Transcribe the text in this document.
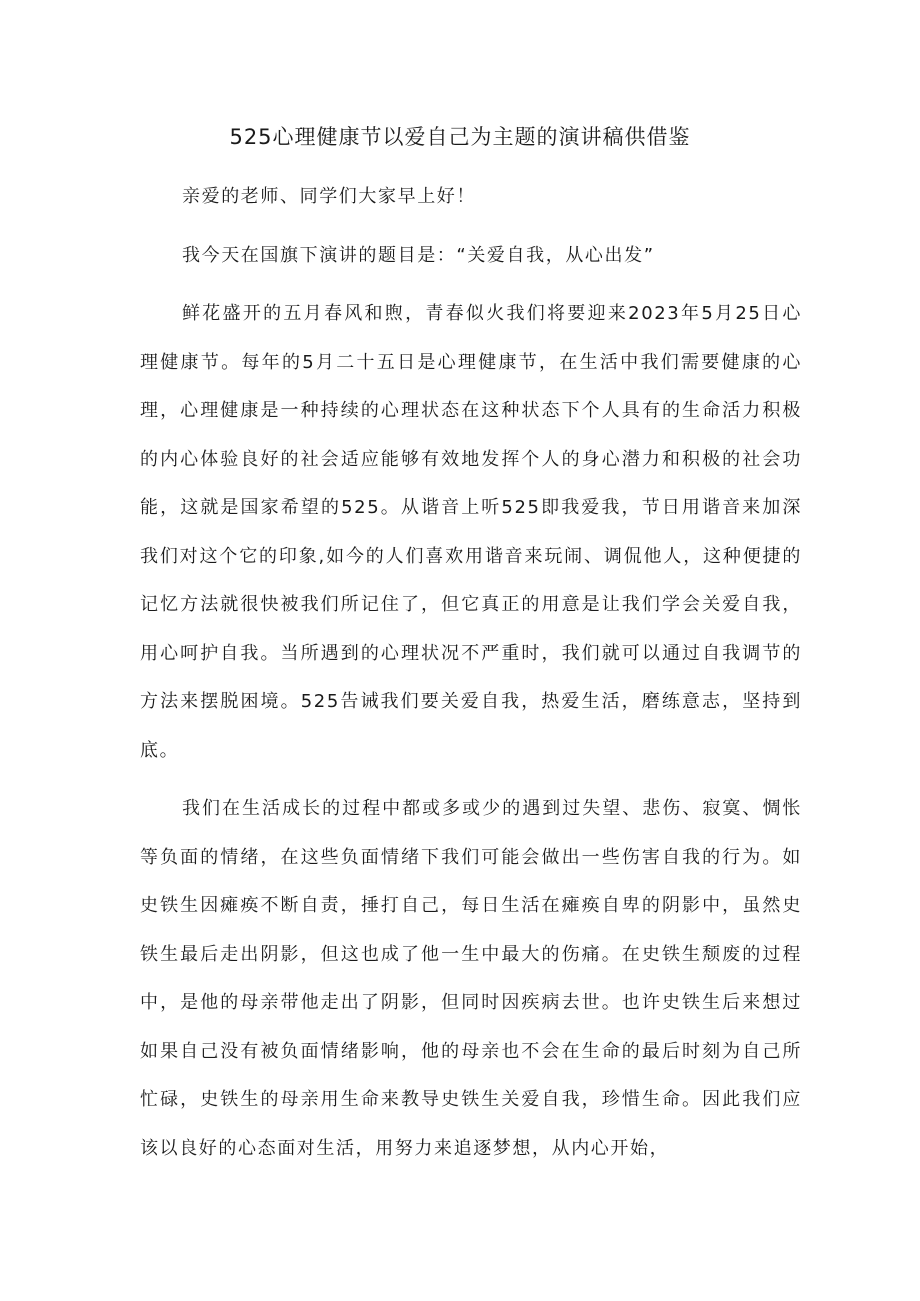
525心理健康节以爱自己为主题的演讲稿供借鉴

亲爱的老师、同学们大家早上好！

我今天在国旗下演讲的题目是：“关爱自我，从心出发”

鲜花盛开的五月春风和煦，青春似火我们将要迎来2023年5月25日心理健康节。每年的5月二十五日是心理健康节，在生活中我们需要健康的心理，心理健康是一种持续的心理状态在这种状态下个人具有的生命活力积极的内心体验良好的社会适应能够有效地发挥个人的身心潜力和积极的社会功能，这就是国家希望的525。从谐音上听525即我爱我，节日用谐音来加深我们对这个它的印象,如今的人们喜欢用谐音来玩闹、调侃他人，这种便捷的记忆方法就很快被我们所记住了，但它真正的用意是让我们学会关爱自我，用心呵护自我。当所遇到的心理状况不严重时，我们就可以通过自我调节的方法来摆脱困境。525告诫我们要关爱自我，热爱生活，磨练意志，坚持到底。

我们在生活成长的过程中都或多或少的遇到过失望、悲伤、寂寞、惆怅等负面的情绪，在这些负面情绪下我们可能会做出一些伤害自我的行为。如史铁生因瘫痪不断自责，捶打自己，每日生活在瘫痪自卑的阴影中，虽然史铁生最后走出阴影，但这也成了他一生中最大的伤痛。在史铁生颓废的过程中，是他的母亲带他走出了阴影，但同时因疾病去世。也许史铁生后来想过如果自己没有被负面情绪影响，他的母亲也不会在生命的最后时刻为自己所忙碌，史铁生的母亲用生命来教导史铁生关爱自我，珍惜生命。因此我们应该以良好的心态面对生活，用努力来追逐梦想，从内心开始，
